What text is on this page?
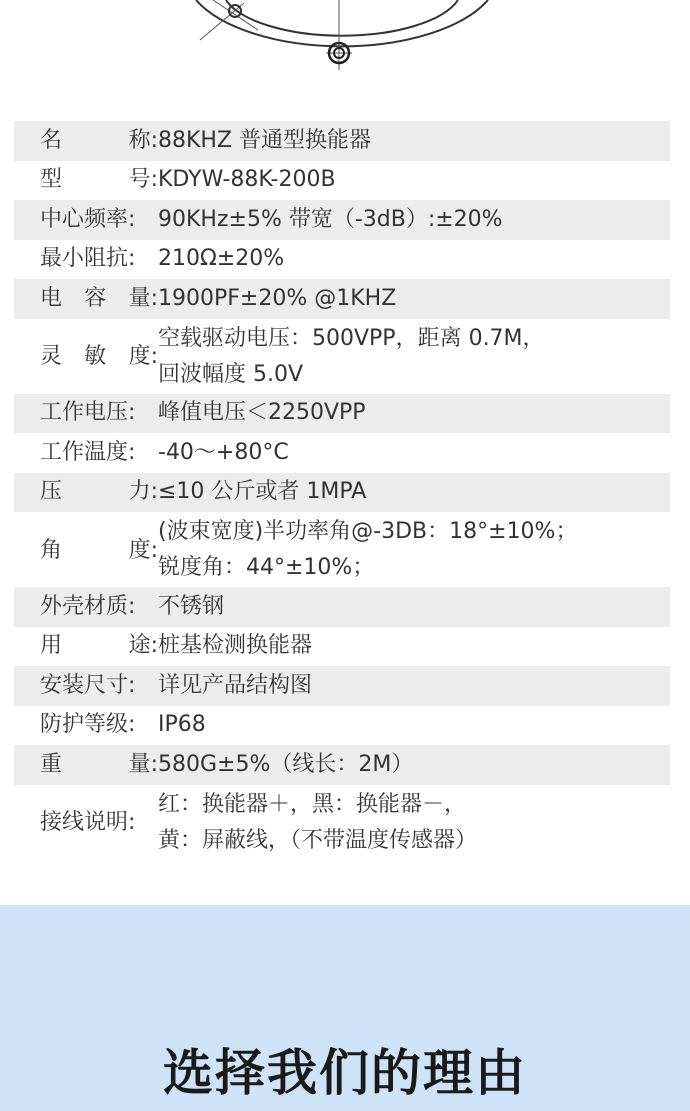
名	称: 88KHZ 普通型换能器
型	号: KDYW-88K-200B
中心频率: 90KHz±5% 带宽（-3dB）:±20%
最小阻抗: 210Ω±20%
电 容 量: 1900PF±20% @1KHZ
灵 敏 度:
空载驱动电压：500VPP，距离 0.7M，
回波幅度 5.0V
工作电压: 峰值电压＜2250VPP
工作温度: -40～+80°C
压	力: ≤10 公斤或者 1MPA
角	度:
(波束宽度)半功率角@-3DB：18°±10%；
锐度角：44°±10%；
外壳材质: 不锈钢
用	途: 桩基检测换能器
安装尺寸: 详见产品结构图
防护等级: IP68
重	量: 580G±5%（线长：2M）
接线说明:
红：换能器＋，黑：换能器－，
黄：屏蔽线，（不带温度传感器）
选择我们的理由
